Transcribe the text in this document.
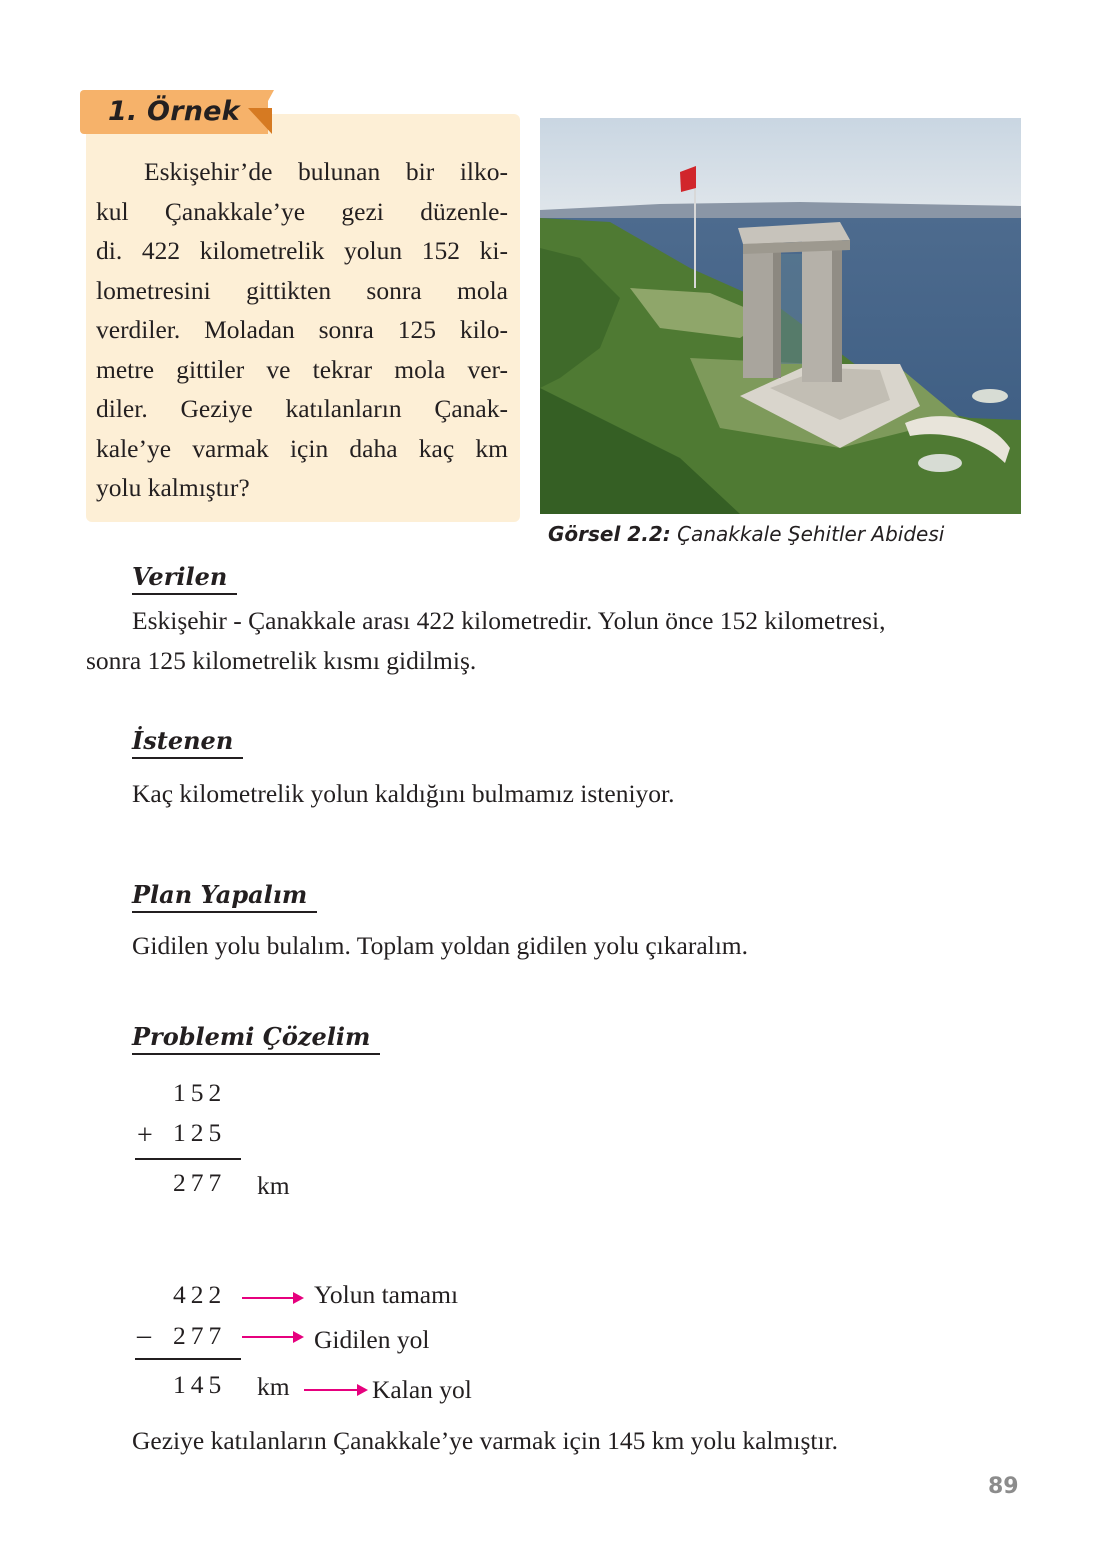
1. Örnek
Eskişehir’de bulunan bir ilko-
kul Çanakkale’ye gezi düzenle-
di. 422 kilometrelik yolun 152 ki-
lometresini gittikten sonra mola
verdiler. Moladan sonra 125 kilo-
metre gittiler ve tekrar mola ver-
diler. Geziye katılanların Çanak-
kale’ye varmak için daha kaç km
yolu kalmıştır?
Görsel 2.2: Çanakkale Şehitler Abidesi
Verilen
Eskişehir - Çanakkale arası 422 kilometredir. Yolun önce 152 kilometresi,
sonra 125 kilometrelik kısmı gidilmiş.
İstenen
Kaç kilometrelik yolun kaldığını bulmamız isteniyor.
Plan Yapalım
Gidilen yolu bulalım. Toplam yoldan gidilen yolu çıkaralım.
Problemi Çözelim
152
+ 125
277 km
422	Yolun tamamı
– 277	Gidilen yol
145 km	Kalan yol
Geziye katılanların Çanakkale’ye varmak için 145 km yolu kalmıştır.
89
